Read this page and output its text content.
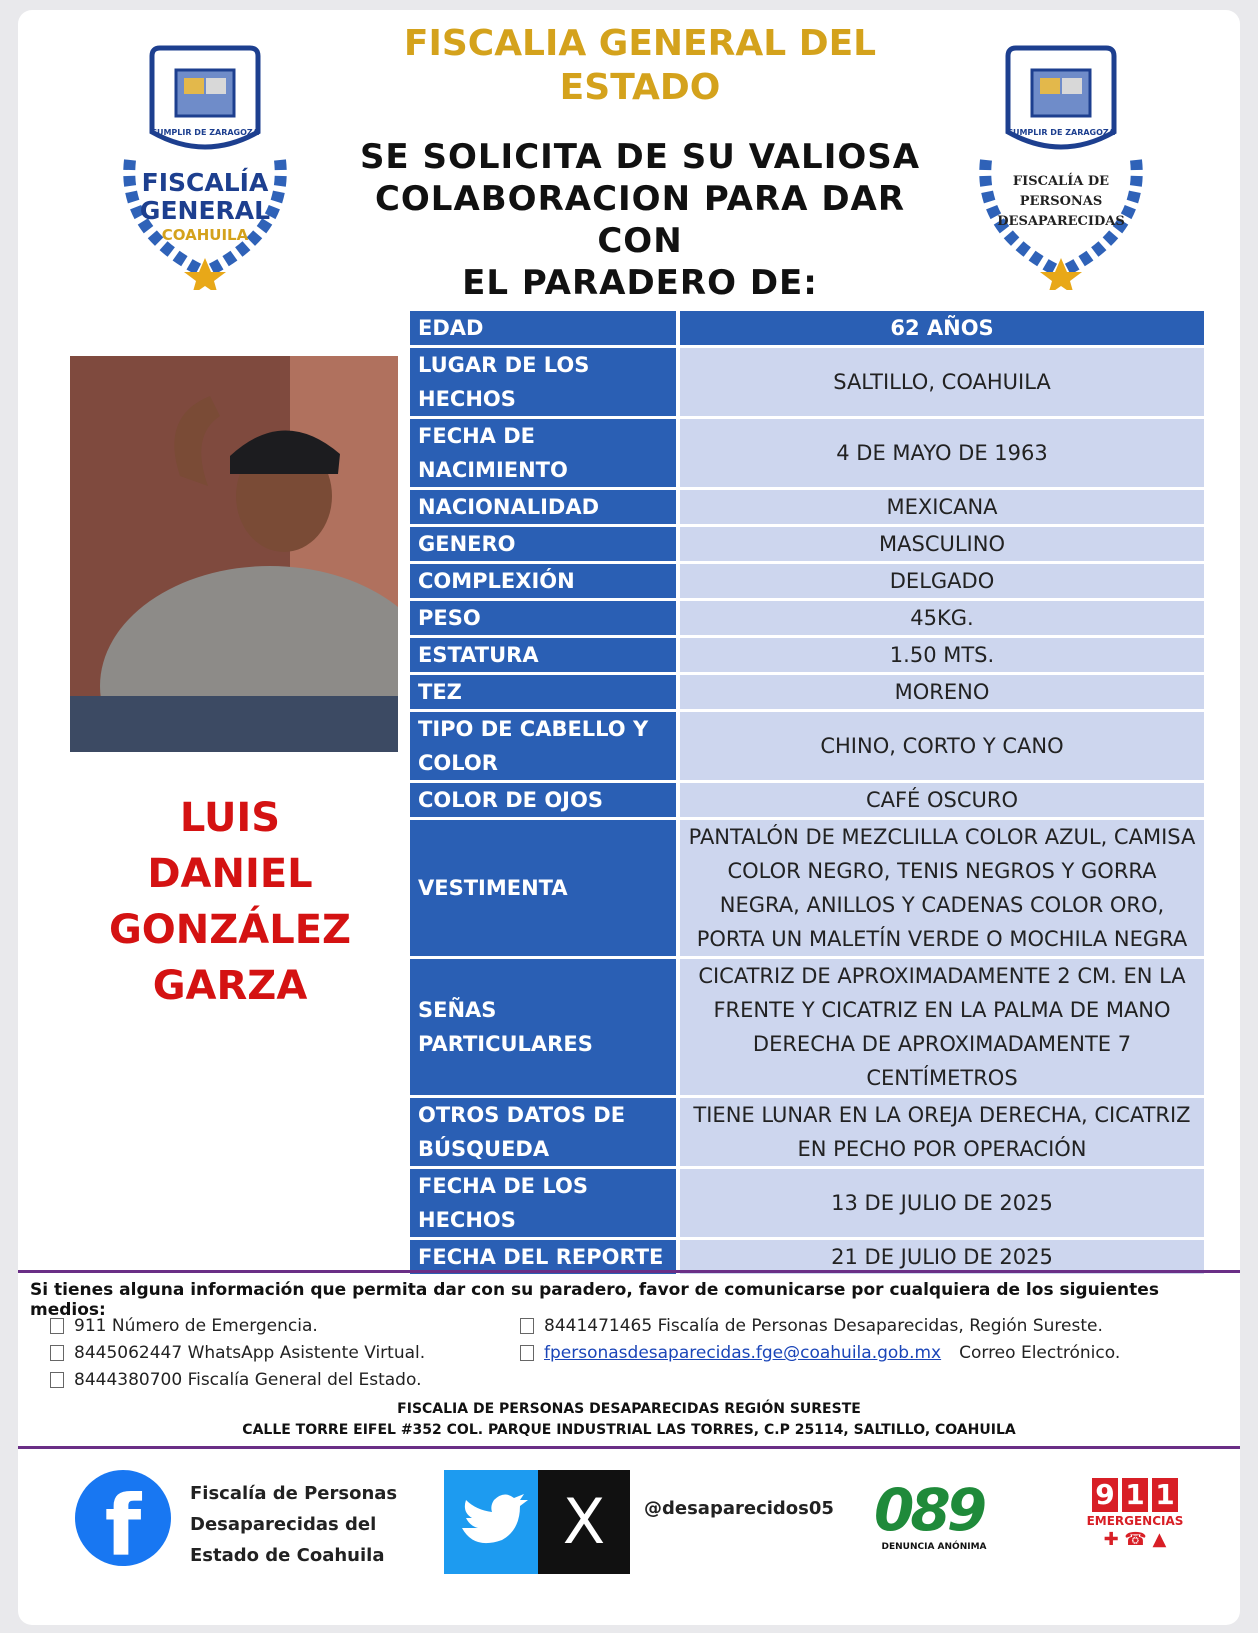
CUMPLIR DE ZARAGOZA
FISCALÍA
GENERAL
COAHUILA
CUMPLIR DE ZARAGOZA
FISCALÍA DE
PERSONAS
DESAPARECIDAS
FISCALIA GENERAL DEL
ESTADO
SE SOLICITA DE SU VALIOSA
COLABORACION PARA DAR CON
EL PARADERO DE:
LUIS
DANIEL
GONZÁLEZ
GARZA
EDAD	62 AÑOS
LUGAR DE LOS HECHOS	SALTILLO, COAHUILA
FECHA DE NACIMIENTO	4 DE MAYO DE 1963
NACIONALIDAD	MEXICANA
GENERO	MASCULINO
COMPLEXIÓN	DELGADO
PESO	45KG.
ESTATURA	1.50 MTS.
TEZ	MORENO
TIPO DE CABELLO Y COLOR	CHINO, CORTO Y CANO
COLOR DE OJOS	CAFÉ OSCURO
VESTIMENTA	PANTALÓN DE MEZCLILLA COLOR AZUL, CAMISA COLOR NEGRO, TENIS NEGROS Y GORRA NEGRA, ANILLOS Y CADENAS COLOR ORO, PORTA UN MALETÍN VERDE O MOCHILA NEGRA
SEÑAS PARTICULARES	CICATRIZ DE APROXIMADAMENTE 2 CM. EN LA FRENTE Y CICATRIZ EN LA PALMA DE MANO DERECHA DE APROXIMADAMENTE 7 CENTÍMETROS
OTROS DATOS DE BÚSQUEDA	TIENE LUNAR EN LA OREJA DERECHA, CICATRIZ EN PECHO POR OPERACIÓN
FECHA DE LOS HECHOS	13 DE JULIO DE 2025
FECHA DEL REPORTE	21 DE JULIO DE 2025
Si tienes alguna información que permita dar con su paradero, favor de comunicarse por cualquiera de los siguientes medios:
911 Número de Emergencia.
8445062447 WhatsApp Asistente Virtual.
8444380700 Fiscalía General del Estado.
8441471465 Fiscalía de Personas Desaparecidas, Región Sureste.
fpersonasdesaparecidas.fge@coahuila.gob.mx Correo Electrónico.
FISCALIA DE PERSONAS DESAPARECIDAS REGIÓN SURESTE
CALLE TORRE EIFEL #352 COL. PARQUE INDUSTRIAL LAS TORRES, C.P 25114, SALTILLO, COAHUILA
f	Fiscalía de Personas
Desaparecidas del
Estado de Coahuila	X	@desaparecidos05 089
DENUNCIA ANÓNIMA
9 1 1
EMERGENCIAS
✚ ☎ ▲
